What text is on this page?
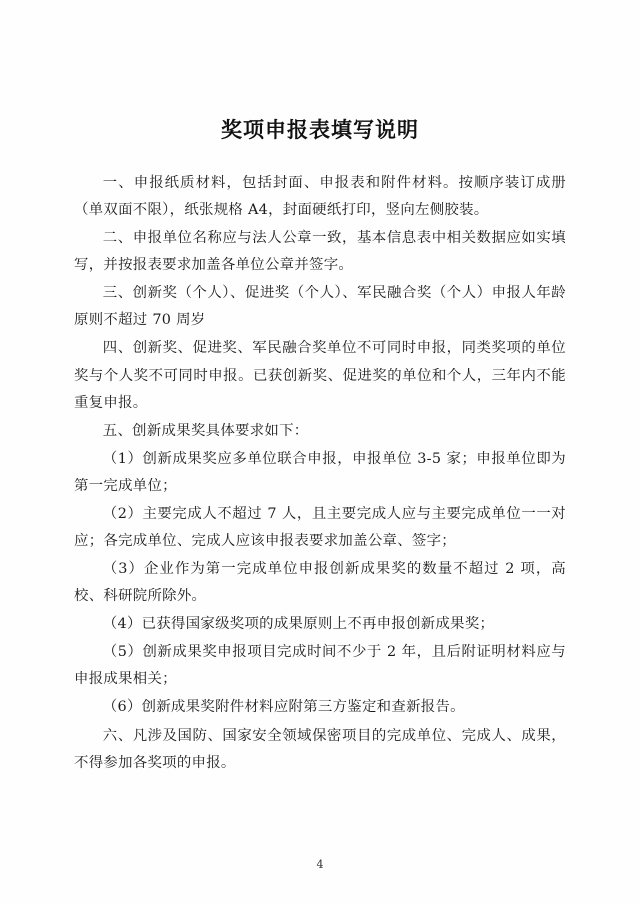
奖项申报表填写说明

一、申报纸质材料，包括封面、申报表和附件材料。按顺序装订成册（单双面不限），纸张规格 A4，封面硬纸打印，竖向左侧胶装。

二、申报单位名称应与法人公章一致，基本信息表中相关数据应如实填写，并按报表要求加盖各单位公章并签字。

三、创新奖（个人）、促进奖（个人）、军民融合奖（个人）申报人年龄原则不超过 70 周岁

四、创新奖、促进奖、军民融合奖单位不可同时申报，同类奖项的单位奖与个人奖不可同时申报。已获创新奖、促进奖的单位和个人，三年内不能重复申报。

五、创新成果奖具体要求如下：

（1）创新成果奖应多单位联合申报，申报单位 3-5 家；申报单位即为第一完成单位；

（2）主要完成人不超过 7 人，且主要完成人应与主要完成单位一一对应；各完成单位、完成人应该申报表要求加盖公章、签字；

（3）企业作为第一完成单位申报创新成果奖的数量不超过 2 项，高校、科研院所除外。

（4）已获得国家级奖项的成果原则上不再申报创新成果奖；

（5）创新成果奖申报项目完成时间不少于 2 年，且后附证明材料应与申报成果相关；

（6）创新成果奖附件材料应附第三方鉴定和查新报告。

六、凡涉及国防、国家安全领域保密项目的完成单位、完成人、成果，不得参加各奖项的申报。

4
